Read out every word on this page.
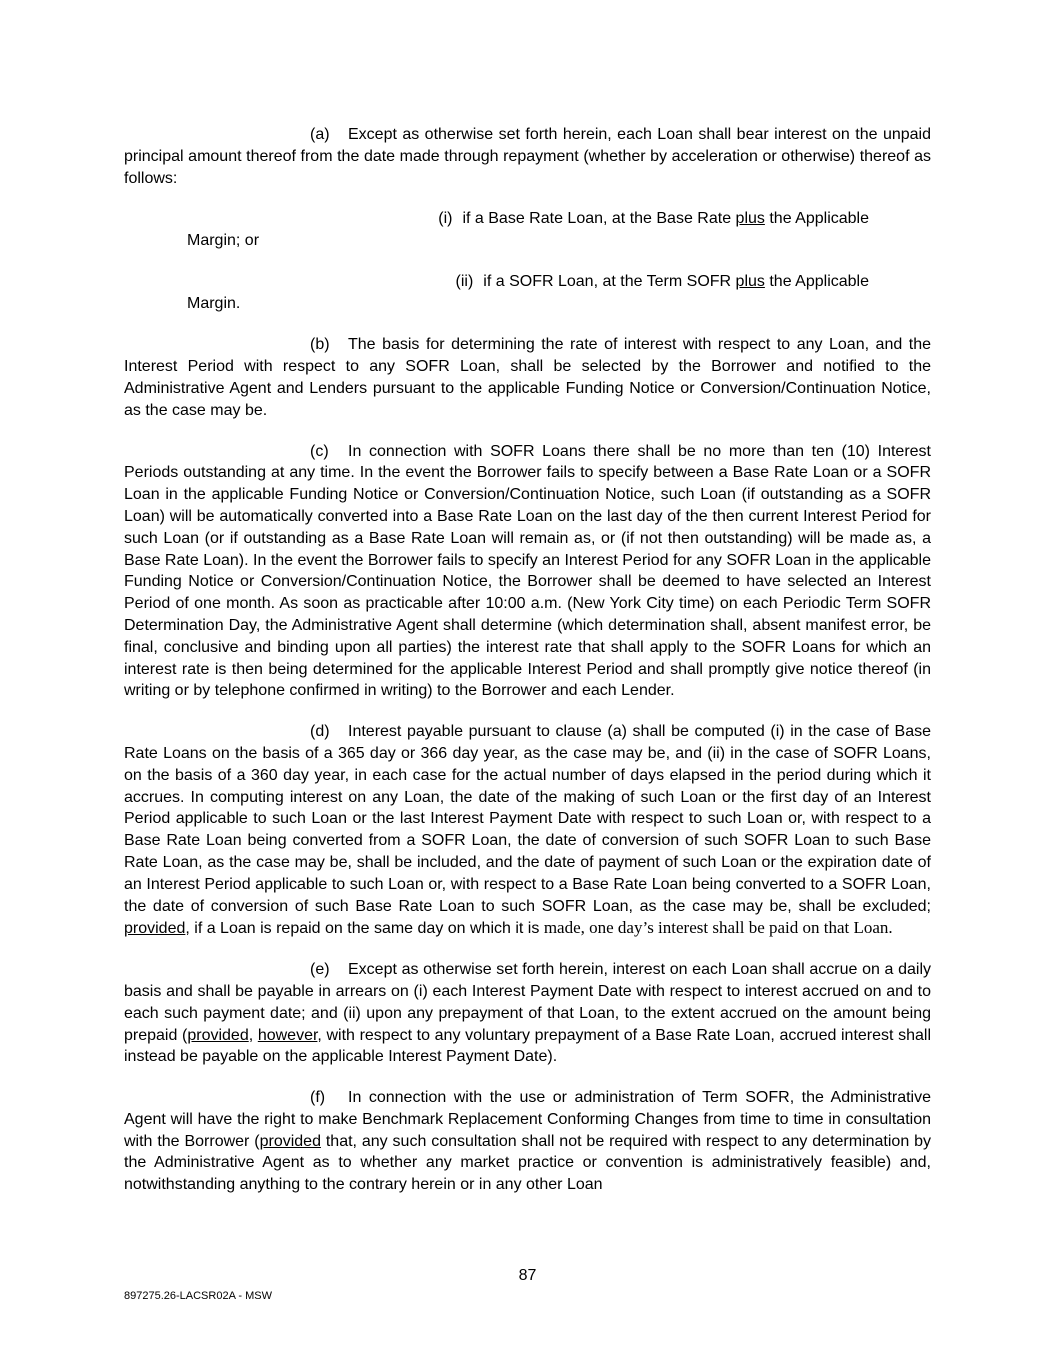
(a) Except as otherwise set forth herein, each Loan shall bear interest on the unpaid principal amount thereof from the date made through repayment (whether by acceleration or otherwise) thereof as follows:

(i) if a Base Rate Loan, at the Base Rate plus the Applicable
Margin; or
(ii) if a SOFR Loan, at the Term SOFR plus the Applicable
Margin.

(b) The basis for determining the rate of interest with respect to any Loan, and the Interest Period with respect to any SOFR Loan, shall be selected by the Borrower and notified to the Administrative Agent and Lenders pursuant to the applicable Funding Notice or Conversion/Continuation Notice, as the case may be.

(c) In connection with SOFR Loans there shall be no more than ten (10) Interest Periods outstanding at any time. In the event the Borrower fails to specify between a Base Rate Loan or a SOFR Loan in the applicable Funding Notice or Conversion/Continuation Notice, such Loan (if outstanding as a SOFR Loan) will be automatically converted into a Base Rate Loan on the last day of the then current Interest Period for such Loan (or if outstanding as a Base Rate Loan will remain as, or (if not then outstanding) will be made as, a Base Rate Loan). In the event the Borrower fails to specify an Interest Period for any SOFR Loan in the applicable Funding Notice or Conversion/Continuation Notice, the Borrower shall be deemed to have selected an Interest Period of one month. As soon as practicable after 10:00 a.m. (New York City time) on each Periodic Term SOFR Determination Day, the Administrative Agent shall determine (which determination shall, absent manifest error, be final, conclusive and binding upon all parties) the interest rate that shall apply to the SOFR Loans for which an interest rate is then being determined for the applicable Interest Period and shall promptly give notice thereof (in writing or by telephone confirmed in writing) to the Borrower and each Lender.

(d) Interest payable pursuant to clause (a) shall be computed (i) in the case of Base Rate Loans on the basis of a 365 day or 366 day year, as the case may be, and (ii) in the case of SOFR Loans, on the basis of a 360 day year, in each case for the actual number of days elapsed in the period during which it accrues. In computing interest on any Loan, the date of the making of such Loan or the first day of an Interest Period applicable to such Loan or the last Interest Payment Date with respect to such Loan or, with respect to a Base Rate Loan being converted from a SOFR Loan, the date of conversion of such SOFR Loan to such Base Rate Loan, as the case may be, shall be included, and the date of payment of such Loan or the expiration date of an Interest Period applicable to such Loan or, with respect to a Base Rate Loan being converted to a SOFR Loan, the date of conversion of such Base Rate Loan to such SOFR Loan, as the case may be, shall be excluded; provided, if a Loan is repaid on the same day on which it is made, one day’s interest shall be paid on that Loan.

(e) Except as otherwise set forth herein, interest on each Loan shall accrue on a daily basis and shall be payable in arrears on (i) each Interest Payment Date with respect to interest accrued on and to each such payment date; and (ii) upon any prepayment of that Loan, to the extent accrued on the amount being prepaid (provided, however, with respect to any voluntary prepayment of a Base Rate Loan, accrued interest shall instead be payable on the applicable Interest Payment Date).

(f) In connection with the use or administration of Term SOFR, the Administrative Agent will have the right to make Benchmark Replacement Conforming Changes from time to time in consultation with the Borrower (provided that, any such consultation shall not be required with respect to any determination by the Administrative Agent as to whether any market practice or convention is administratively feasible) and, notwithstanding anything to the contrary herein or in any other Loan

87
897275.26-LACSR02A - MSW
